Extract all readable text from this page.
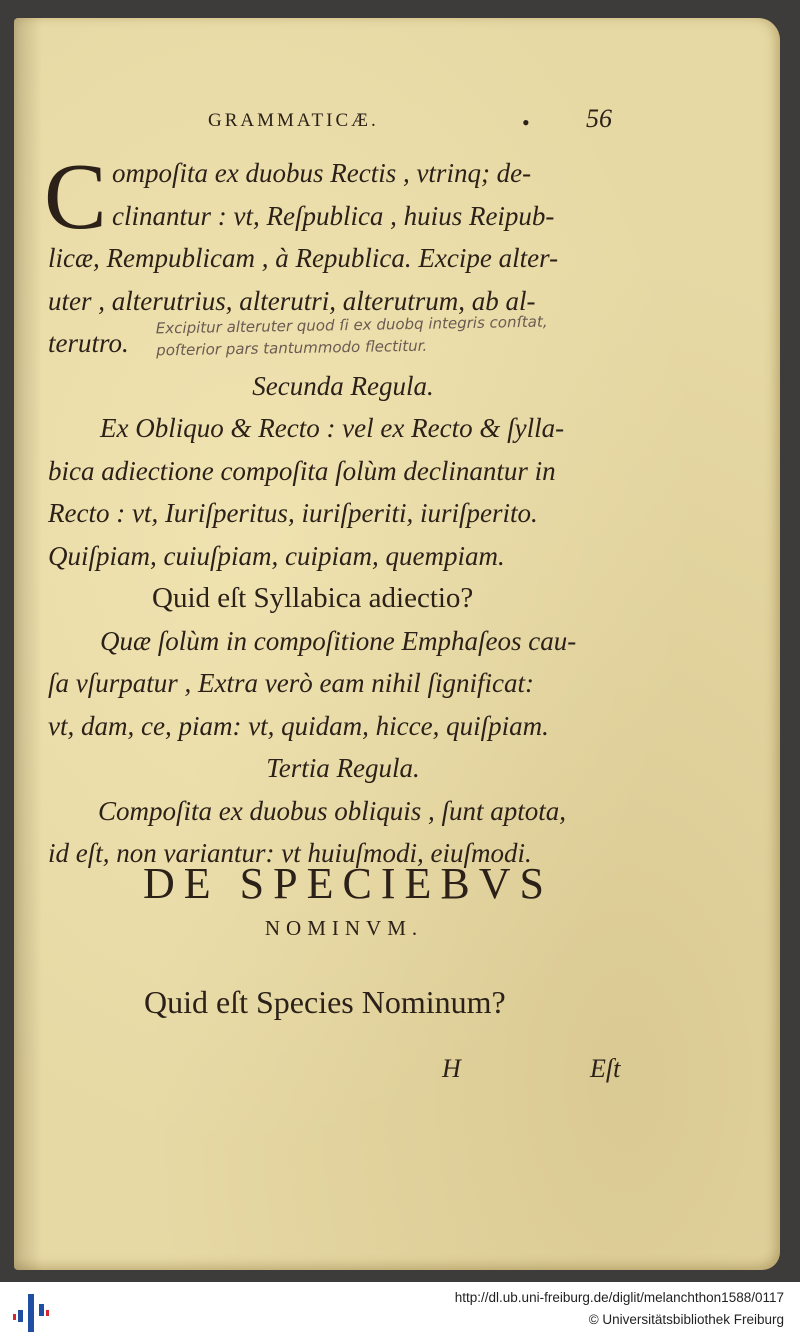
GRAMMATICÆ.	• 56
C ompoſita ex duobus Rectis , vtrinq; de-
clinantur : vt, Reſpublica , huius Reipub-
licæ, Rempublicam , à Republica. Excipe alter-
uter , alterutrius, alterutri, alterutrum, ab al-
terutro.
Secunda Regula.
Ex Obliquo & Recto : vel ex Recto & ſylla-
bica adiectione compoſita ſolùm declinantur in
Recto : vt, Iuriſperitus, iuriſperiti, iuriſperito.
Quiſpiam, cuiuſpiam, cuipiam, quempiam.
Quid eſt Syllabica adiectio?
Quæ ſolùm in compoſitione Emphaſeos cau-
ſa vſurpatur , Extra verò eam nihil ſignificat:
vt, dam, ce, piam: vt, quidam, hicce, quiſpiam.
Tertia Regula.
Compoſita ex duobus obliquis , ſunt aptota,
id eſt, non variantur: vt huiuſmodi, eiuſmodi.
Excipitur alteruter quod ſi ex duobq integris conſtat,
poſterior pars tantummodo flectitur.
DE SPECIEBVS
NOMINVM.
Quid eſt Species Nominum?
H	Eſt
http://dl.ub.uni-freiburg.de/diglit/melanchthon1588/0117
© Universitätsbibliothek Freiburg
